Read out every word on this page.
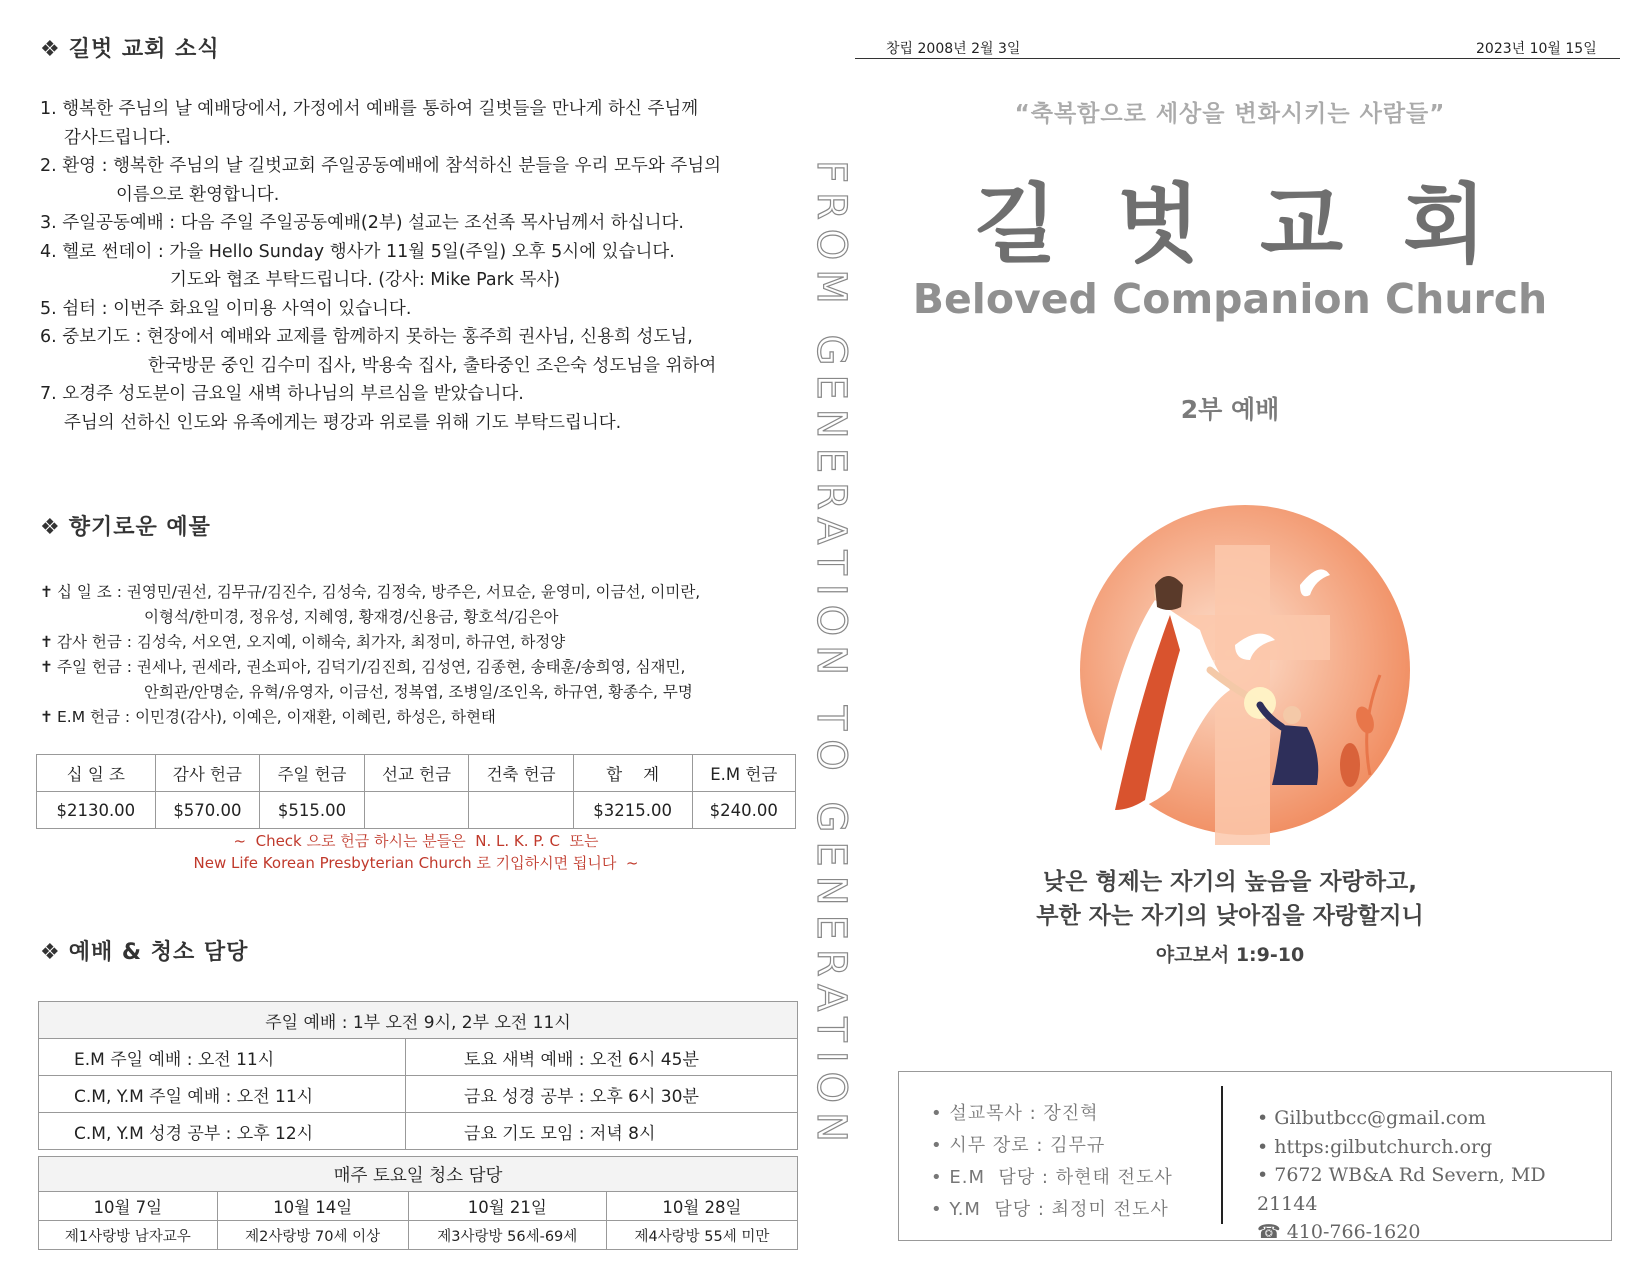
❖ 길벗 교회 소식
1. 행복한 주님의 날 예배당에서, 가정에서 예배를 통하여 길벗들을 만나게 하신 주님께
감사드립니다.
2. 환영 : 행복한 주님의 날 길벗교회 주일공동예배에 참석하신 분들을 우리 모두와 주님의
이름으로 환영합니다.
3. 주일공동예배 : 다음 주일 주일공동예배(2부) 설교는 조선족 목사님께서 하십니다.
4. 헬로 썬데이 : 가을 Hello Sunday 행사가 11월 5일(주일) 오후 5시에 있습니다.
기도와 협조 부탁드립니다. (강사: Mike Park 목사)
5. 쉼터 : 이번주 화요일 이미용 사역이 있습니다.
6. 중보기도 : 현장에서 예배와 교제를 함께하지 못하는 홍주희 권사님, 신용희 성도님,
한국방문 중인 김수미 집사, 박용숙 집사, 출타중인 조은숙 성도님을 위하여
7. 오경주 성도분이 금요일 새벽 하나님의 부르심을 받았습니다.
주님의 선하신 인도와 유족에게는 평강과 위로를 위해 기도 부탁드립니다.
❖ 향기로운 예물
✝ 십 일 조 : 권영민/권선, 김무규/김진수, 김성숙, 김정숙, 방주은, 서묘순, 윤영미, 이금선, 이미란,
이형석/한미경, 정유성, 지혜영, 황재경/신용금, 황호석/김은아
✝ 감사 헌금 : 김성숙, 서오연, 오지예, 이해숙, 최가자, 최정미, 하규연, 하정양
✝ 주일 헌금 : 권세나, 권세라, 권소피아, 김덕기/김진희, 김성연, 김종현, 송태훈/송희영, 심재민,
안희관/안명순, 유혁/유영자, 이금선, 정복엽, 조병일/조인옥, 하규연, 황종수, 무명
✝ E.M 헌금 : 이민경(감사), 이예은, 이재환, 이혜린, 하성은, 하현태
십 일 조	감사 헌금	주일 헌금	선교 헌금	건축 헌금	합    계	E.M 헌금
$2130.00	$570.00	$515.00			$3215.00	$240.00
~  Check 으로 헌금 하시는 분들은  N. L. K. P. C  또는
New Life Korean Presbyterian Church 로 기입하시면 됩니다  ~
❖ 예배 & 청소 담당
주일 예배 : 1부 오전 9시, 2부 오전 11시	
E.M 주일 예배 : 오전 11시	토요 새벽 예배 : 오전 6시 45분
C.M, Y.M 주일 예배 : 오전 11시	금요 성경 공부 : 오후 6시 30분
C.M, Y.M 성경 공부 : 오후 12시	금요 기도 모임 : 저녁 8시
매주 토요일 청소 담당			
10월 7일	10월 14일	10월 21일	10월 28일
제1사랑방 남자교우	제2사랑방 70세 이상	제3사랑방 56세-69세	제4사랑방 55세 미만
FROM GENERATION TO GENERATION
창립 2008년 2월 3일	2023년 10월 15일
“축복함으로 세상을 변화시키는 사람들”
길벗교회
Beloved Companion Church
2부 예배
낮은 형제는 자기의 높음을 자랑하고,
부한 자는 자기의 낮아짐을 자랑할지니
야고보서 1:9-10
• 설교목사 : 장진혁
• 시무 장로 : 김무규
• E.M  담당 : 하현태 전도사
• Y.M  담당 : 최정미 전도사
• Gilbutbcc@gmail.com
• https:gilbutchurch.org
• 7672 WB&A Rd Severn, MD 21144
☎ 410-766-1620
